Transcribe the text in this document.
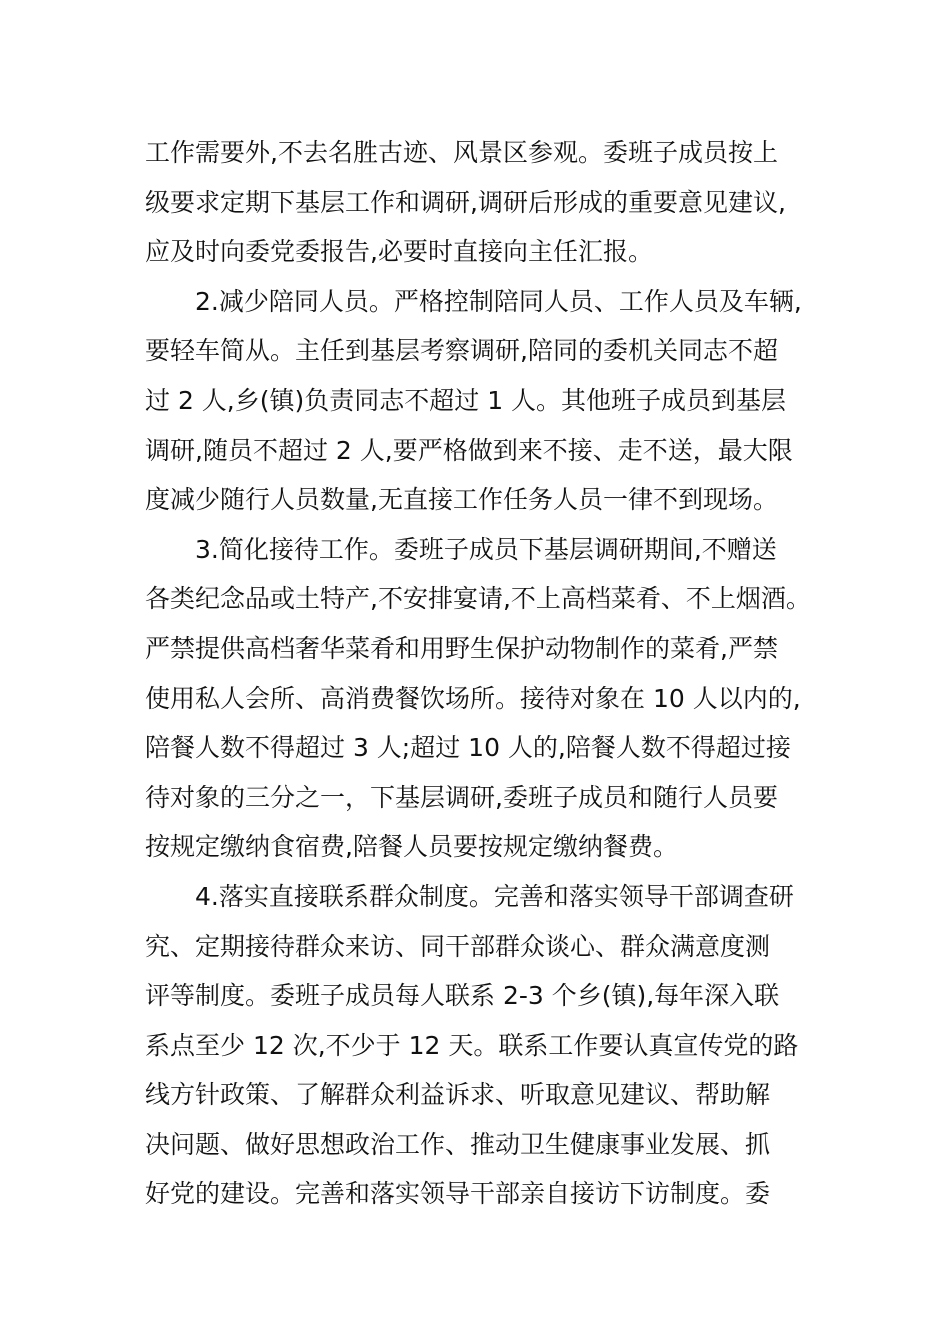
工作需要外,不去名胜古迹、风景区参观。委班子成员按上
级要求定期下基层工作和调研,调研后形成的重要意见建议,
应及时向委党委报告,必要时直接向主任汇报。
2.减少陪同人员。严格控制陪同人员、工作人员及车辆,
要轻车简从。主任到基层考察调研,陪同的委机关同志不超
过 2 人,乡(镇)负责同志不超过 1 人。其他班子成员到基层
调研,随员不超过 2 人,要严格做到来不接、走不送，最大限
度减少随行人员数量,无直接工作任务人员一律不到现场。
3.简化接待工作。委班子成员下基层调研期间,不赠送
各类纪念品或土特产,不安排宴请,不上高档菜肴、不上烟酒。
严禁提供高档奢华菜肴和用野生保护动物制作的菜肴,严禁
使用私人会所、高消费餐饮场所。接待对象在 10 人以内的,
陪餐人数不得超过 3 人;超过 10 人的,陪餐人数不得超过接
待对象的三分之一，下基层调研,委班子成员和随行人员要
按规定缴纳食宿费,陪餐人员要按规定缴纳餐费。
4.落实直接联系群众制度。完善和落实领导干部调查研
究、定期接待群众来访、同干部群众谈心、群众满意度测
评等制度。委班子成员每人联系 2-3 个乡(镇),每年深入联
系点至少 12 次,不少于 12 天。联系工作要认真宣传党的路
线方针政策、了解群众利益诉求、听取意见建议、帮助解
决问题、做好思想政治工作、推动卫生健康事业发展、抓
好党的建设。完善和落实领导干部亲自接访下访制度。委
